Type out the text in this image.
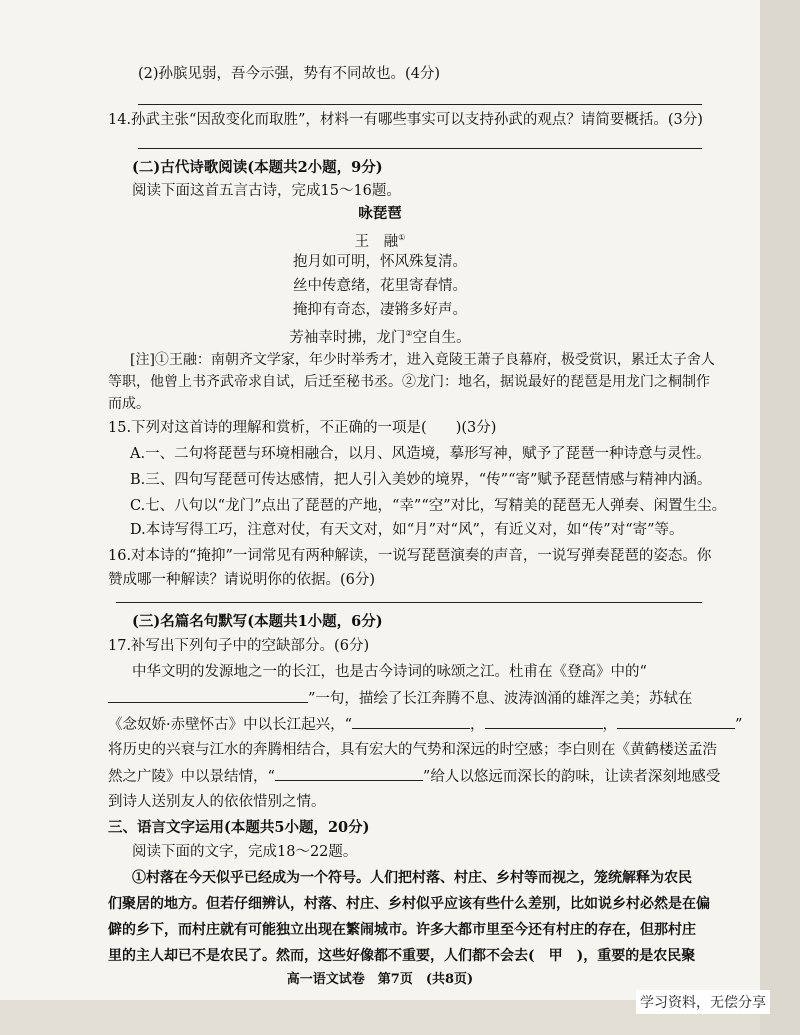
(2)孙膑见弱，吾今示强，势有不同故也。(4分)
14.孙武主张“因敌变化而取胜”，材料一有哪些事实可以支持孙武的观点？请简要概括。(3分)
(二)古代诗歌阅读(本题共2小题，9分)
阅读下面这首五言古诗，完成15～16题。
咏琵琶
王　融①
抱月如可明，怀风殊复清。
丝中传意绪，花里寄春情。
掩抑有奇态，凄锵多好声。
芳袖幸时拂，龙门②空自生。
[注]①王融：南朝齐文学家，年少时举秀才，进入竟陵王萧子良幕府，极受赏识，累迁太子舍人
等职，他曾上书齐武帝求自试，后迁至秘书丞。②龙门：地名，据说最好的琵琶是用龙门之桐制作
而成。
15.下列对这首诗的理解和赏析，不正确的一项是(　　)(3分)
A.一、二句将琵琶与环境相融合，以月、风造境，摹形写神，赋予了琵琶一种诗意与灵性。
B.三、四句写琵琶可传达感情，把人引入美妙的境界，“传”“寄”赋予琵琶情感与精神内涵。
C.七、八句以“龙门”点出了琵琶的产地，“幸”“空”对比，写精美的琵琶无人弹奏、闲置生尘。
D.本诗写得工巧，注意对仗，有天文对，如“月”对“风”，有近义对，如“传”对“寄”等。
16.对本诗的“掩抑”一词常见有两种解读，一说写琵琶演奏的声音，一说写弹奏琵琶的姿态。你
赞成哪一种解读？请说明你的依据。(6分)
(三)名篇名句默写(本题共1小题，6分)
17.补写出下列句子中的空缺部分。(6分)
中华文明的发源地之一的长江，也是古今诗词的咏颂之江。杜甫在《登高》中的“
”一句，描绘了长江奔腾不息、波涛汹涌的雄浑之美；苏轼在
《念奴娇·赤壁怀古》中以长江起兴，“	，	，	”
将历史的兴衰与江水的奔腾相结合，具有宏大的气势和深远的时空感；李白则在《黄鹤楼送孟浩
然之广陵》中以景结情，“	”给人以悠远而深长的韵味，让读者深刻地感受
到诗人送别友人的依依惜别之情。
三、语言文字运用(本题共5小题，20分)
阅读下面的文字，完成18～22题。
①村落在今天似乎已经成为一个符号。人们把村落、村庄、乡村等而视之，笼统解释为农民
们聚居的地方。但若仔细辨认，村落、村庄、乡村似乎应该有些什么差别，比如说乡村必然是在偏
僻的乡下，而村庄就有可能独立出现在繁闹城市。许多大都市里至今还有村庄的存在，但那村庄
里的主人却已不是农民了。然而，这些好像都不重要，人们都不会去(　甲　)，重要的是农民聚
高一语文试卷　第7页　(共8页)
学习资料，无偿分享
